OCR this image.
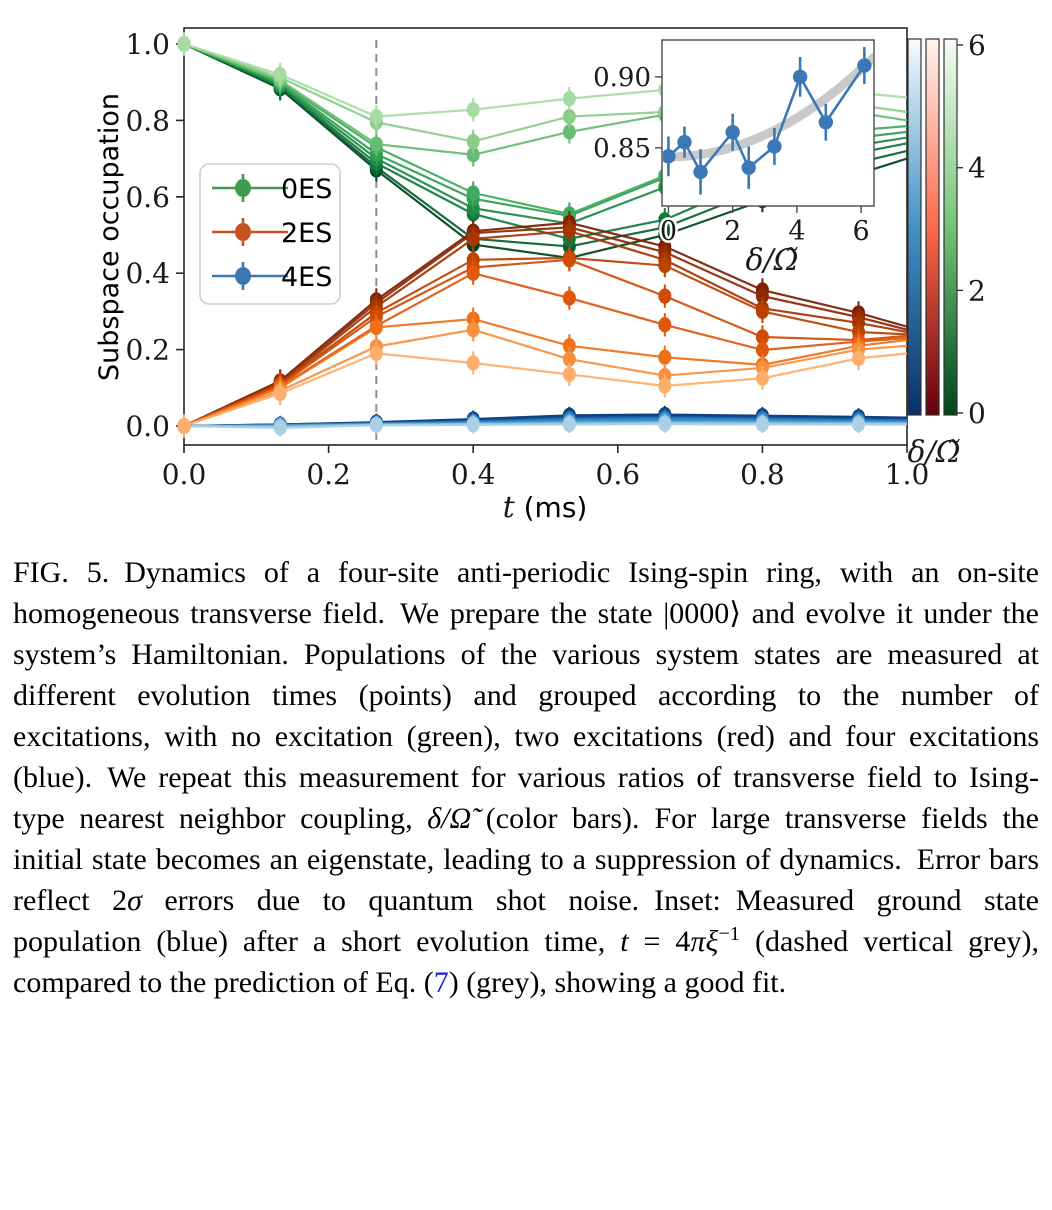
0.0	0.2	0.4	0.6	0.8	1.0
0.0
0.2
0.4
0.6
0.8
1.0
Subspace occupation
t (ms)
0ES
2ES
4ES
0.85
0.90
0 2 4 6
δ/Ω̃
0
2
4
6
δ/Ω̃
FIG. 5. Dynamics of a four-site anti-periodic Ising-spin ring, with an on-site homogeneous transverse field. We prepare the state |0000⟩ and evolve it under the system’s Hamiltonian. Populations of the various system states are measured at different evolution times (points) and grouped according to the number of excitations, with no excitation (green), two excitations (red) and four excitations (blue). We repeat this measurement for various ratios of transverse field to Ising-type nearest neighbor coupling, δ/Ω̃ (color bars). For large transverse fields the initial state becomes an eigenstate, leading to a suppression of dynamics. Error bars reflect 2σ errors due to quantum shot noise. Inset: Measured ground state population (blue) after a short evolution time, $t = 4\pi\xi^{-1}$ (dashed vertical grey), compared to the prediction of Eq. (7) (grey), showing a good fit.
